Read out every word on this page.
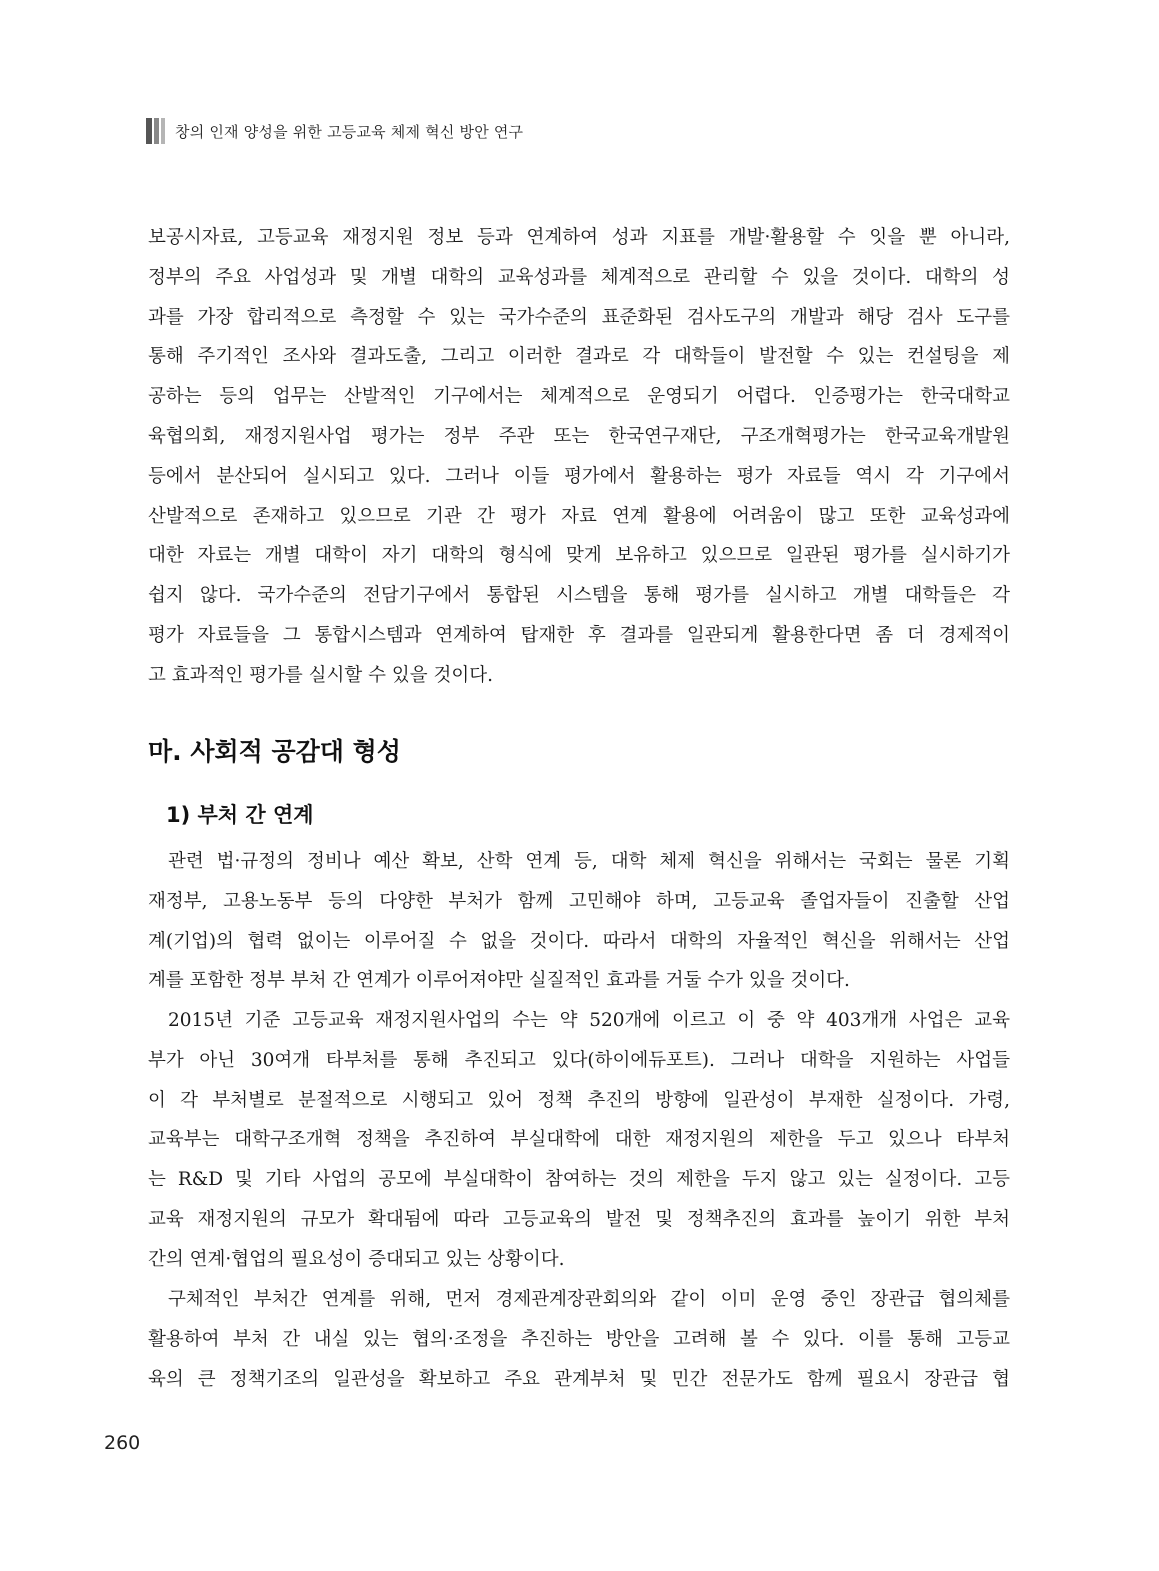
창의 인재 양성을 위한 고등교육 체제 혁신 방안 연구

보공시자료, 고등교육 재정지원 정보 등과 연계하여 성과 지표를 개발·활용할 수 잇을 뿐 아니라,
정부의 주요 사업성과 및 개별 대학의 교육성과를 체계적으로 관리할 수 있을 것이다. 대학의 성
과를 가장 합리적으로 측정할 수 있는 국가수준의 표준화된 검사도구의 개발과 해당 검사 도구를
통해 주기적인 조사와 결과도출, 그리고 이러한 결과로 각 대학들이 발전할 수 있는 컨설팅을 제
공하는 등의 업무는 산발적인 기구에서는 체계적으로 운영되기 어렵다. 인증평가는 한국대학교
육협의회, 재정지원사업 평가는 정부 주관 또는 한국연구재단, 구조개혁평가는 한국교육개발원
등에서 분산되어 실시되고 있다. 그러나 이들 평가에서 활용하는 평가 자료들 역시 각 기구에서
산발적으로 존재하고 있으므로 기관 간 평가 자료 연계 활용에 어려움이 많고 또한 교육성과에
대한 자료는 개별 대학이 자기 대학의 형식에 맞게 보유하고 있으므로 일관된 평가를 실시하기가
쉽지 않다. 국가수준의 전담기구에서 통합된 시스템을 통해 평가를 실시하고 개별 대학들은 각
평가 자료들을 그 통합시스템과 연계하여 탑재한 후 결과를 일관되게 활용한다면 좀 더 경제적이
고 효과적인 평가를 실시할 수 있을 것이다.

마. 사회적 공감대 형성
1) 부처 간 연계

관련 법·규정의 정비나 예산 확보, 산학 연계 등, 대학 체제 혁신을 위해서는 국회는 물론 기획
재정부, 고용노동부 등의 다양한 부처가 함께 고민해야 하며, 고등교육 졸업자들이 진출할 산업
계(기업)의 협력 없이는 이루어질 수 없을 것이다. 따라서 대학의 자율적인 혁신을 위해서는 산업
계를 포함한 정부 부처 간 연계가 이루어져야만 실질적인 효과를 거둘 수가 있을 것이다.

2015년 기준 고등교육 재정지원사업의 수는 약 520개에 이르고 이 중 약 403개개 사업은 교육
부가 아닌 30여개 타부처를 통해 추진되고 있다(하이에듀포트). 그러나 대학을 지원하는 사업들
이 각 부처별로 분절적으로 시행되고 있어 정책 추진의 방향에 일관성이 부재한 실정이다. 가령,
교육부는 대학구조개혁 정책을 추진하여 부실대학에 대한 재정지원의 제한을 두고 있으나 타부처
는 R&D 및 기타 사업의 공모에 부실대학이 참여하는 것의 제한을 두지 않고 있는 실정이다. 고등
교육 재정지원의 규모가 확대됨에 따라 고등교육의 발전 및 정책추진의 효과를 높이기 위한 부처
간의 연계·협업의 필요성이 증대되고 있는 상황이다.

구체적인 부처간 연계를 위해, 먼저 경제관계장관회의와 같이 이미 운영 중인 장관급 협의체를
활용하여 부처 간 내실 있는 협의·조정을 추진하는 방안을 고려해 볼 수 있다. 이를 통해 고등교
육의 큰 정책기조의 일관성을 확보하고 주요 관계부처 및 민간 전문가도 함께 필요시 장관급 협

260
